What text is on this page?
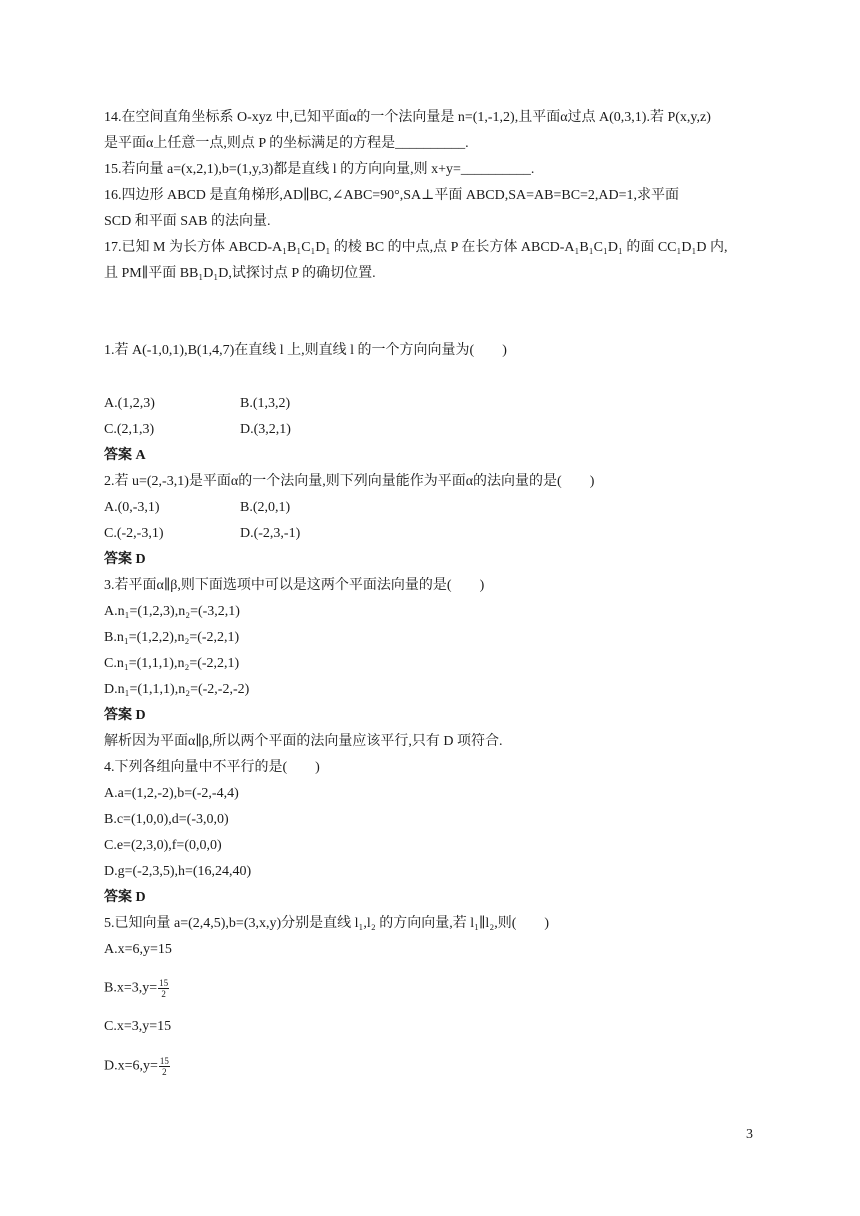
14.在空间直角坐标系 O-xyz 中,已知平面α的一个法向量是 n=(1,-1,2),且平面α过点 A(0,3,1).若 P(x,y,z)
是平面α上任意一点,则点 P 的坐标满足的方程是__________.
15.若向量 a=(x,2,1),b=(1,y,3)都是直线 l 的方向向量,则 x+y=__________.
16.四边形 ABCD 是直角梯形,AD∥BC,∠ABC=90°,SA⊥平面 ABCD,SA=AB=BC=2,AD=1,求平面
SCD 和平面 SAB 的法向量.
17.已知 M 为长方体 ABCD-A₁B₁C₁D₁ 的棱 BC 的中点,点 P 在长方体 ABCD-A₁B₁C₁D₁ 的面 CC₁D₁D 内,
且 PM∥平面 BB₁D₁D,试探讨点 P 的确切位置.
1.若 A(-1,0,1),B(1,4,7)在直线 l 上,则直线 l 的一个方向向量为(　　)
A.(1,2,3)	B.(1,3,2)
C.(2,1,3)	D.(3,2,1)
答案 A
2.若 u=(2,-3,1)是平面α的一个法向量,则下列向量能作为平面α的法向量的是(　　)
A.(0,-3,1)	B.(2,0,1)
C.(-2,-3,1)	D.(-2,3,-1)
答案 D
3.若平面α∥β,则下面选项中可以是这两个平面法向量的是(　　)
A.n₁=(1,2,3),n₂=(-3,2,1)
B.n₁=(1,2,2),n₂=(-2,2,1)
C.n₁=(1,1,1),n₂=(-2,2,1)
D.n₁=(1,1,1),n₂=(-2,-2,-2)
答案 D
解析因为平面α∥β,所以两个平面的法向量应该平行,只有 D 项符合.
4.下列各组向量中不平行的是(　　)
A.a=(1,2,-2),b=(-2,-4,4)
B.c=(1,0,0),d=(-3,0,0)
C.e=(2,3,0),f=(0,0,0)
D.g=(-2,3,5),h=(16,24,40)
答案 D
5.已知向量 a=(2,4,5),b=(3,x,y)分别是直线 l₁,l₂ 的方向向量,若 l₁∥l₂,则(　　)
A.x=6,y=15
$B.x=3,y= \frac{15}{2}$
C.x=3,y=15
$D.x=6,y= \frac{15}{2}$
3
